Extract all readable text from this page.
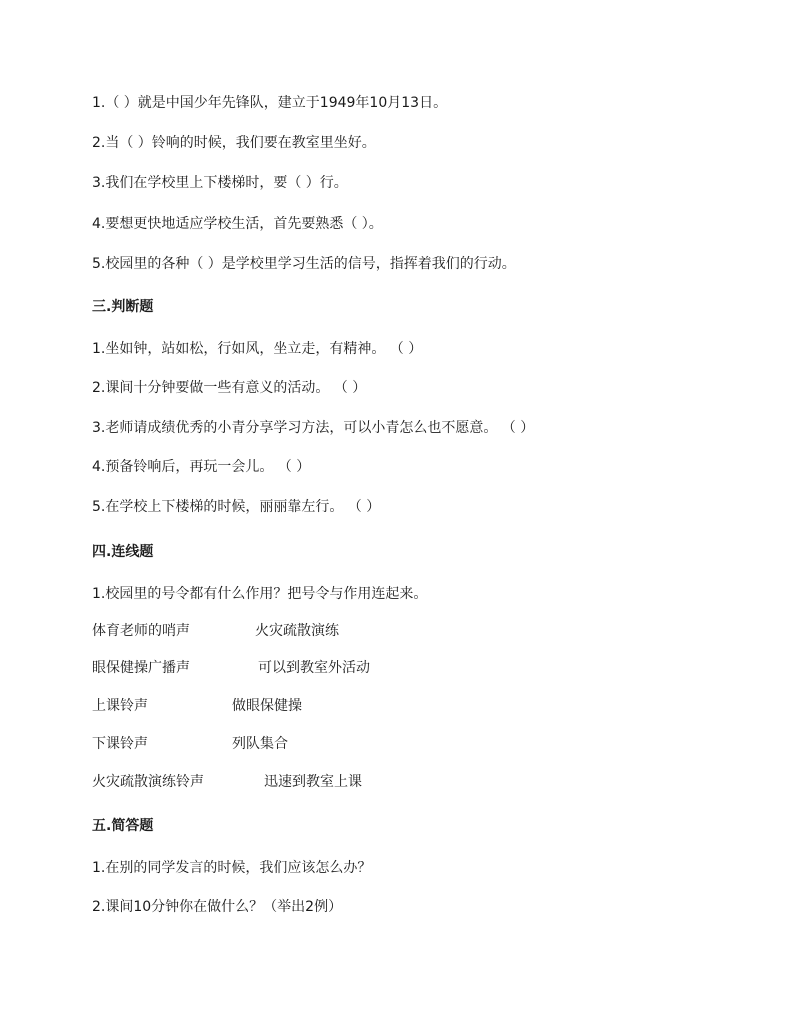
1.（ ）就是中国少年先锋队，建立于1949年10月13日。
2.当（ ）铃响的时候，我们要在教室里坐好。
3.我们在学校里上下楼梯时，要（ ）行。
4.要想更快地适应学校生活，首先要熟悉（ ）。
5.校园里的各种（ ）是学校里学习生活的信号，指挥着我们的行动。
三.判断题
1.坐如钟，站如松，行如风，坐立走，有精神。 （ ）
2.课间十分钟要做一些有意义的活动。 （ ）
3.老师请成绩优秀的小青分享学习方法，可以小青怎么也不愿意。 （ ）
4.预备铃响后，再玩一会儿。 （ ）
5.在学校上下楼梯的时候，丽丽靠左行。 （ ）
四.连线题
1.校园里的号令都有什么作用？把号令与作用连起来。
体育老师的哨声	火灾疏散演练
眼保健操广播声	可以到教室外活动
上课铃声	做眼保健操
下课铃声	列队集合
火灾疏散演练铃声	迅速到教室上课
五.简答题
1.在别的同学发言的时候，我们应该怎么办？
2.课间10分钟你在做什么？（举出2例）
